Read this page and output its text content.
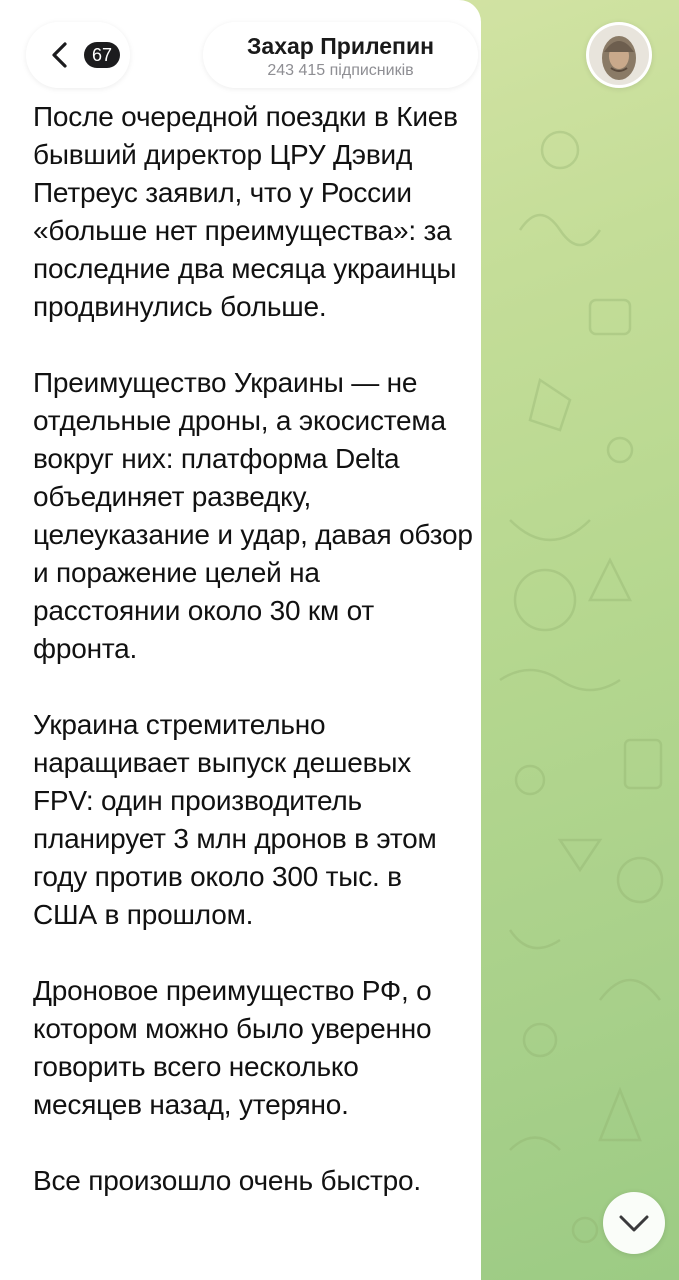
После очередной поездки в Киев бывший директор ЦРУ Дэвид Петреус заявил, что у России «больше нет преимущества»: за последние два месяца украинцы продвинулись больше.

Преимущество Украины — не отдельные дроны, а экосистема вокруг них: платформа Delta объединяет разведку, целеуказание и удар, давая обзор и поражение целей на расстоянии около 30 км от фронта.

Украина стремительно наращивает выпуск дешевых FPV: один производитель планирует 3 млн дронов в этом году против около 300 тыс. в США в прошлом.

Дроновое преимущество РФ, о котором можно было уверенно говорить всего несколько месяцев назад, утеряно.

Все произошло очень быстро.

67	Захар Прилепин
243 415 підписників
